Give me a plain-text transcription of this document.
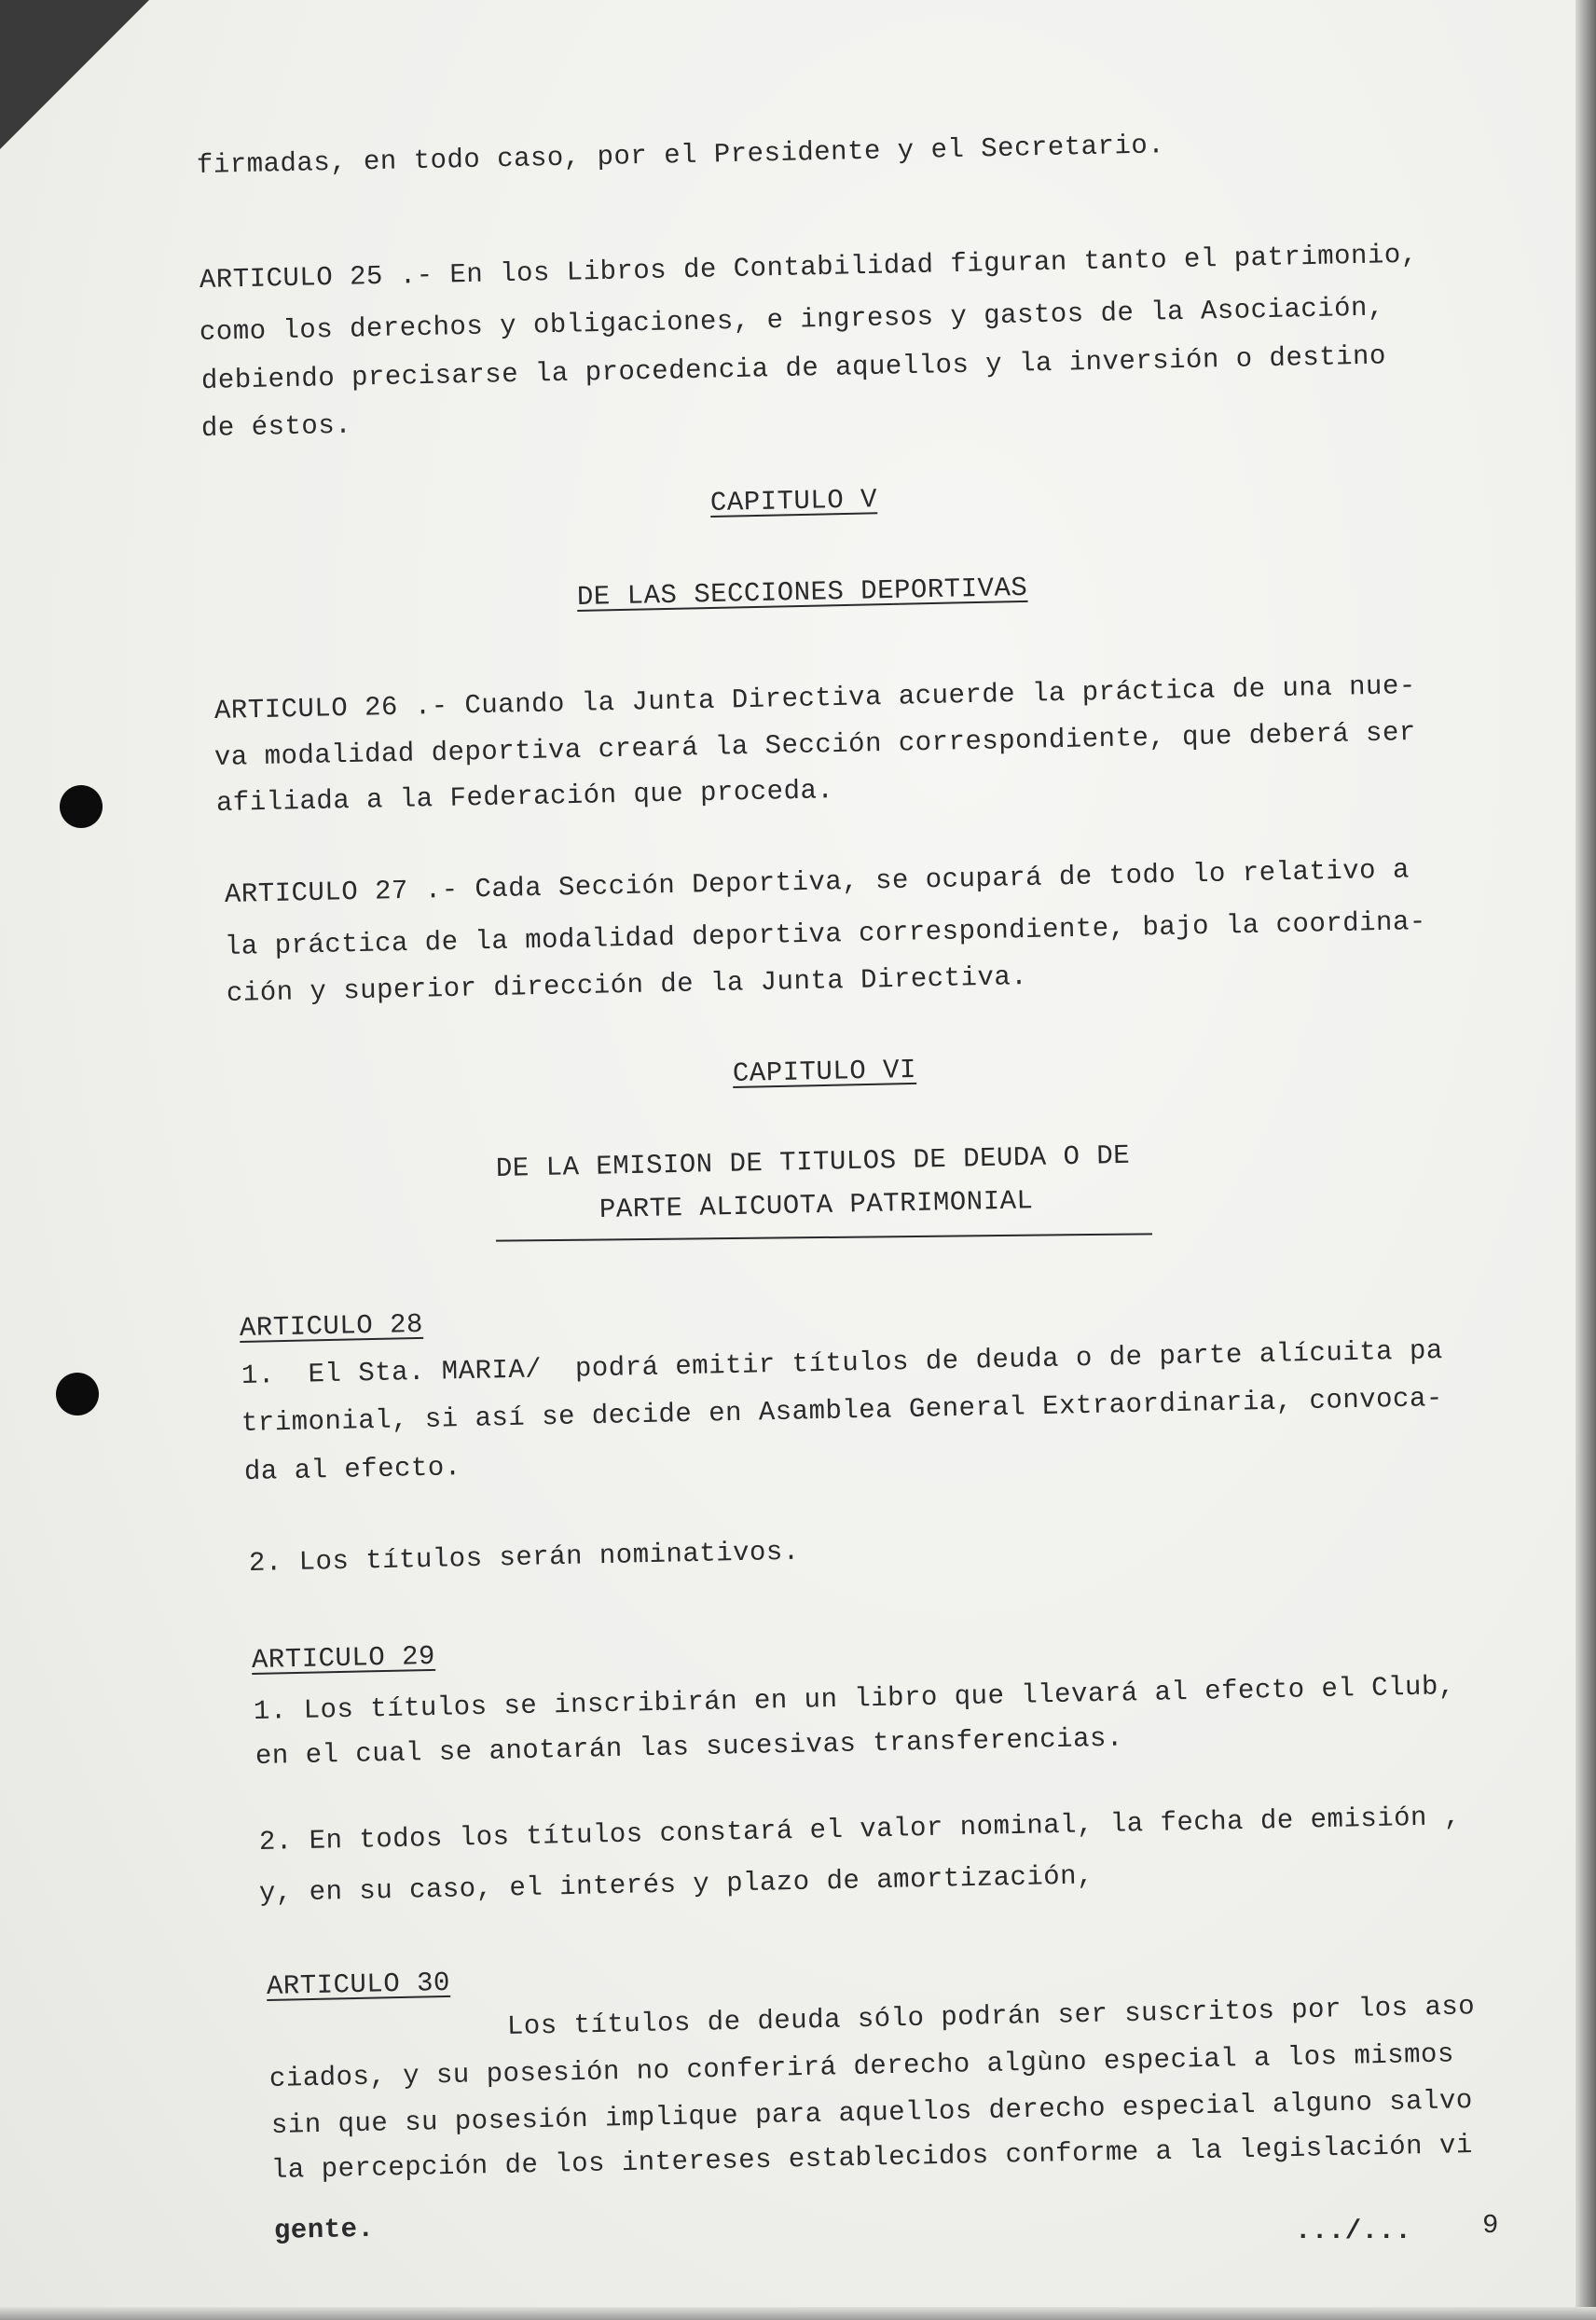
firmadas, en todo caso, por el Presidente y el Secretario.
ARTICULO 25 .- En los Libros de Contabilidad figuran tanto el patrimonio,
como los derechos y obligaciones, e ingresos y gastos de la Asociación,
debiendo precisarse la procedencia de aquellos y la inversión o destino
de éstos.
CAPITULO V
DE LAS SECCIONES DEPORTIVAS
ARTICULO 26 .- Cuando la Junta Directiva acuerde la práctica de una nue-
va modalidad deportiva creará la Sección correspondiente, que deberá ser
afiliada a la Federación que proceda.
ARTICULO 27 .- Cada Sección Deportiva, se ocupará de todo lo relativo a
la práctica de la modalidad deportiva correspondiente, bajo la coordina-
ción y superior dirección de la Junta Directiva.
CAPITULO VI
DE LA EMISION DE TITULOS DE DEUDA O DE
PARTE ALICUOTA PATRIMONIAL
ARTICULO 28
1.  El Sta. MARIA/  podrá emitir títulos de deuda o de parte alícuita pa
trimonial, si así se decide en Asamblea General Extraordinaria, convoca-
da al efecto.
2. Los títulos serán nominativos.
ARTICULO 29
1. Los títulos se inscribirán en un libro que llevará al efecto el Club,
en el cual se anotarán las sucesivas transferencias.
2. En todos los títulos constará el valor nominal, la fecha de emisión ,
y, en su caso, el interés y plazo de amortización,
ARTICULO 30
Los títulos de deuda sólo podrán ser suscritos por los aso
ciados, y su posesión no conferirá derecho algùno especial a los mismos
sin que su posesión implique para aquellos derecho especial alguno salvo
la percepción de los intereses establecidos conforme a la legislación vi
gente.	.../...	9
